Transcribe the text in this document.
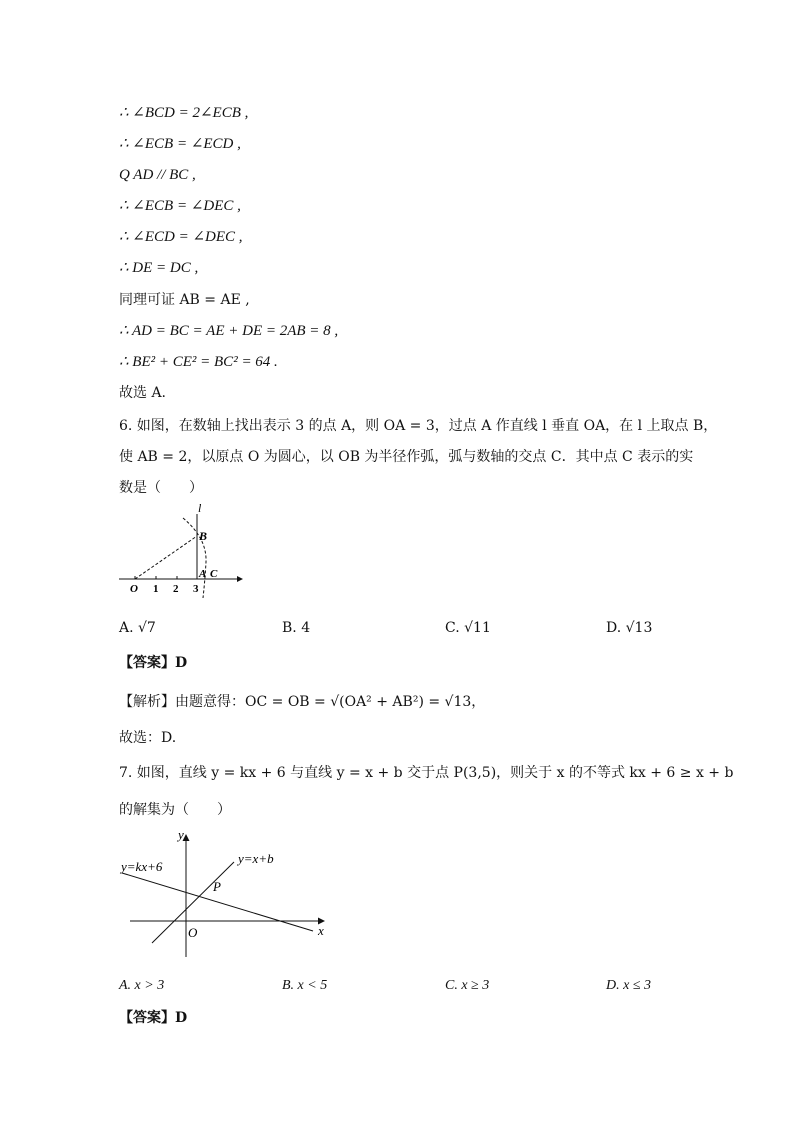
∴ ∠BCD = 2∠ECB ,
∴ ∠ECB = ∠ECD ,
Q AD // BC ,
∴ ∠ECB = ∠DEC ,
∴ ∠ECD = ∠DEC ,
∴ DE = DC ,
同理可证 AB = AE ,
∴ AD = BC = AE + DE = 2AB = 8 ,
∴ BE² + CE² = BC² = 64 .
故选 A.
6. 如图，在数轴上找出表示 3 的点 A，则 OA = 3，过点 A 作直线 l 垂直 OA，在 l 上取点 B，
使 AB = 2，以原点 O 为圆心，以 OB 为半径作弧，弧与数轴的交点 C．其中点 C 表示的实
数是（　　）
l
B
A C
O 1 2 3
A. √7	B. 4	C. √11	D. √13
【答案】D
【解析】由题意得：OC = OB = √(OA² + AB²) = √13，
故选：D.
7. 如图，直线 y = kx + 6 与直线 y = x + b 交于点 P(3,5)，则关于 x 的不等式 kx + 6 ≥ x + b
的解集为（　　）
y
x
O
P
y=kx+6
y=x+b
A. x > 3	B. x < 5	C. x ≥ 3	D. x ≤ 3
【答案】D
